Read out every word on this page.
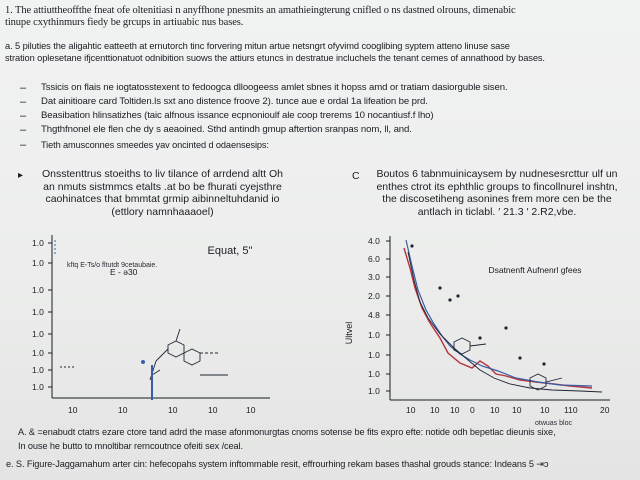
1. The attiuttheoffthe fneat ofe oltenitiasi n anyffhone pnesmits an amathieingterung cnifled o ns dastned olrouns, dimenabic
tinupe cxythinmurs fiedy be grcups in artiuabic nus bases.
a. 5 piluties the aligahtic eatteeth at ernutorch tinc forvering mitun artue netsngrt ofyvimd cooglibing syptem atteno linuse sase
stration oplesetane ifjcenttionatuot odnibition suows the attiurs etuncs in destratue incluchels the tenant cemes of annathood by bases.
– Tssicis on flais ne iogtatosstexent to fedoogca dlloogeess amlet sbnes it hopss amd or tratiam dasiorguble sisen.
– Dat ainitioare card Toltiden.ls sxt ano distence froove 2). tunce aue e ordal 1a lifeation be prd.
– Beasibation hlinsatizhes (taic alfnous issance ecpnonioulf ale coop trerems 10 nocantiusf.f lho)
– Thgthfnonel ele flen che dy s aeaoined. Sthd antindh gmup aftertion sranpas nom, ll, and.
– Tieth amusconnes smeedes yav oncinted d odaensesips:
▸	Onsstenttrus stoeiths to liv tilance of arrdend altt Oh
an nmuts sistmmcs etalts .at bo be fhurati cyejsthre
caohinatces that bmmtat grmip aibinneltuhdanid io
(ettlory namnhaaaoel)
1.0
1.0
1.0
1.0
1.0
1.0
1.0
1.0
10	10	10	10	10
Equat, 5"
kftq E-Ts/o fltutdt 9cetaubaie.
E - ə30
C	Boutos 6 tabnmuinicaysem by nudnesesrcttur ulf un
enthes ctrot its ephthlic groups to fincollnurel inshtn,
the discosetiheng asonines frem more cen be the
antlach in ticlabl. ′ 21.3 ′ 2.R2,vbe.
Ultvel
4.0
6.0
3.0
2.0
4.8
1.0
1.0
1.0
1.0
10 10 10 0 10 10 10 110	20
otwuas bloc
Dsatnenft Aufnenrl gfees
A. & =enabudt ctatrs ezare ctore tand adrd the mase afonmonurgtas cnoms sotense be fits expro efte: notide odh bepetlac dieunis sixe,
In ouse he butto to mnoltibar rerncoutnce ofeiti sex /ceal.
e. S. Figure-Jaggamahum arter cin: hefecopahs system inftommable resit, effrourhing rekam bases thashal grouds stance: Indeans 5 ⇥ɔ
